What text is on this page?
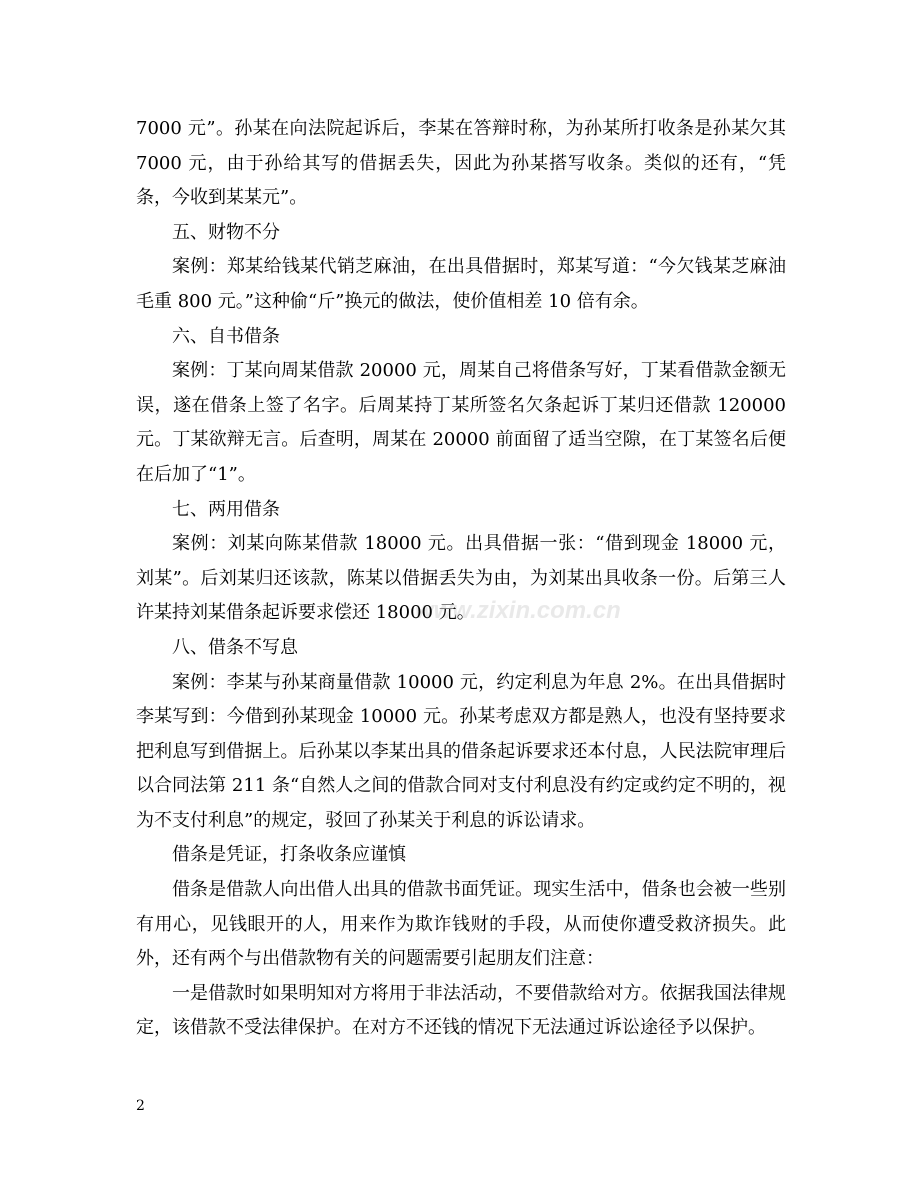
7000 元”。孙某在向法院起诉后，李某在答辩时称，为孙某所打收条是孙某欠其 7000 元，由于孙给其写的借据丢失，因此为孙某搭写收条。类似的还有，“凭条，今收到某某元”。

五、财物不分

案例：郑某给钱某代销芝麻油，在出具借据时，郑某写道：“今欠钱某芝麻油毛重 800 元。”这种偷“斤”换元的做法，使价值相差 10 倍有余。

六、自书借条

案例：丁某向周某借款 20000 元，周某自己将借条写好，丁某看借款金额无误，遂在借条上签了名字。后周某持丁某所签名欠条起诉丁某归还借款 120000 元。丁某欲辩无言。后查明，周某在 20000 前面留了适当空隙，在丁某签名后便在后加了“1”。

七、两用借条

案例：刘某向陈某借款 18000 元。出具借据一张：“借到现金 18000 元，刘某”。后刘某归还该款，陈某以借据丢失为由，为刘某出具收条一份。后第三人许某持刘某借条起诉要求偿还 18000 元。

八、借条不写息

案例：李某与孙某商量借款 10000 元，约定利息为年息 2%。在出具借据时李某写到：今借到孙某现金 10000 元。孙某考虑双方都是熟人，也没有坚持要求把利息写到借据上。后孙某以李某出具的借条起诉要求还本付息，人民法院审理后以合同法第 211 条“自然人之间的借款合同对支付利息没有约定或约定不明的，视为不支付利息”的规定，驳回了孙某关于利息的诉讼请求。

借条是凭证，打条收条应谨慎

借条是借款人向出借人出具的借款书面凭证。现实生活中，借条也会被一些别有用心，见钱眼开的人，用来作为欺诈钱财的手段，从而使你遭受救济损失。此外，还有两个与出借款物有关的问题需要引起朋友们注意：

一是借款时如果明知对方将用于非法活动，不要借款给对方。依据我国法律规定，该借款不受法律保护。在对方不还钱的情况下无法通过诉讼途径予以保护。

www.zixin.com.cn
2
